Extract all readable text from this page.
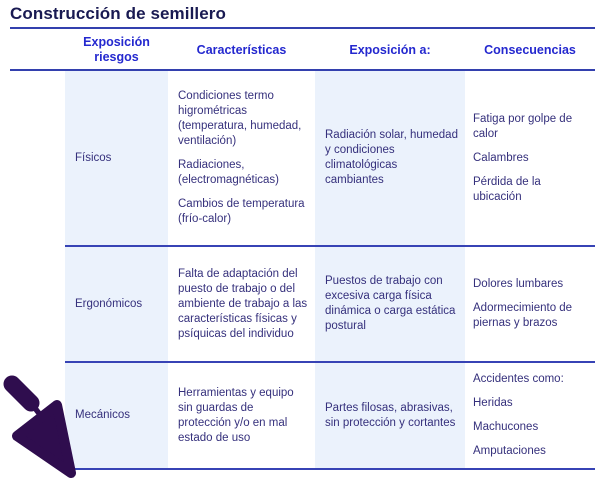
Construcción de semillero
Exposición riesgos
Características	Exposición a:	Consecuencias

Físicos

Condiciones termo higrométricas (temperatura, humedad, ventilación)

Radiaciones, (electromagnéticas)

Cambios de temperatura (frío-calor)

Radiación solar, humedad y condiciones climatológicas cambiantes

Fatiga por golpe de calor

Calambres

Pérdida de la ubicación

Ergonómicos

Falta de adaptación del puesto de trabajo o del ambiente de trabajo a las características físicas y psíquicas del individuo

Puestos de trabajo con excesiva carga física dinámica o carga estática postural

Dolores lumbares

Adormecimiento de piernas y brazos

Mecánicos

Herramientas y equipo sin guardas de protección y/o en mal estado de uso

Partes filosas, abrasivas, sin protección y cortantes

Accidentes como:

Heridas

Machucones

Amputaciones
